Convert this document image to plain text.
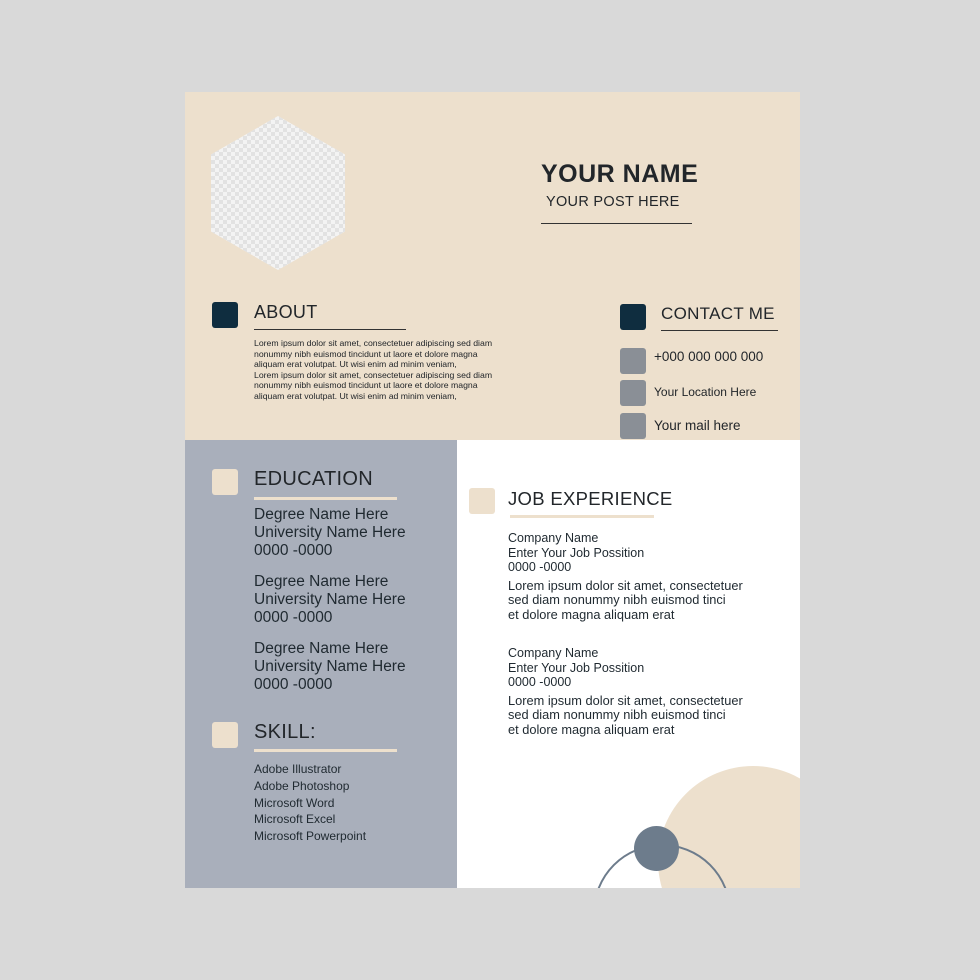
YOUR NAME
YOUR POST HERE
ABOUT

Lorem ipsum dolor sit amet, consectetuer adipiscing sed diam nonummy nibh euismod tincidunt ut laore et dolore magna aliquam erat volutpat. Ut wisi enim ad minim veniam,

Lorem ipsum dolor sit amet, consectetuer adipiscing sed diam nonummy nibh euismod tincidunt ut laore et dolore magna aliquam erat volutpat. Ut wisi enim ad minim veniam,

CONTACT ME
+000 000 000 000
Your Location Here
Your mail here
EDUCATION
Degree Name Here
University Name Here
0000 -0000
Degree Name Here
University Name Here
0000 -0000
Degree Name Here
University Name Here
0000 -0000
SKILL:
Adobe Illustrator
Adobe Photoshop
Microsoft Word
Microsoft Excel
Microsoft Powerpoint
JOB EXPERIENCE
Company Name
Enter Your Job Possition
0000 -0000
Lorem ipsum dolor sit amet, consectetuer
sed diam nonummy nibh euismod tinci
et dolore magna aliquam erat
Company Name
Enter Your Job Possition
0000 -0000
Lorem ipsum dolor sit amet, consectetuer
sed diam nonummy nibh euismod tinci
et dolore magna aliquam erat
